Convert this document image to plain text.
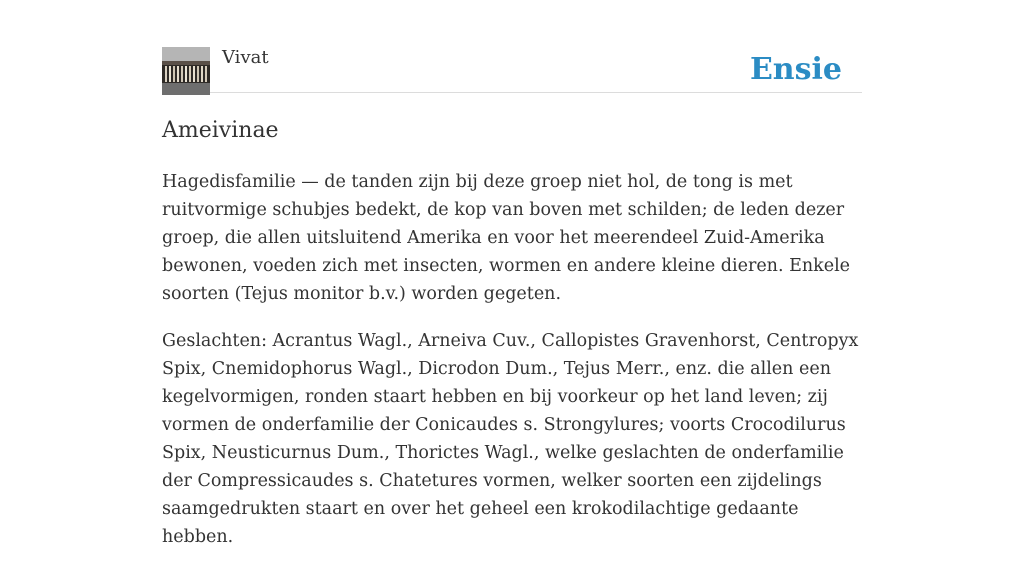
Vivat	Ensie
Ameivinae

Hagedisfamilie — de tanden zijn bij deze groep niet hol, de tong is met ruitvormige schubjes bedekt, de kop van boven met schilden; de leden dezer groep, die allen uitsluitend Amerika en voor het meerendeel Zuid-Amerika bewonen, voeden zich met insecten, wormen en andere kleine dieren. Enkele soorten (Tejus monitor b.v.) worden gegeten.

Geslachten: Acrantus Wagl., Arneiva Cuv., Callopistes Gravenhorst, Centropyx Spix, Cnemidophorus Wagl., Dicrodon Dum., Tejus Merr., enz. die allen een kegelvormigen, ronden staart hebben en bij voorkeur op het land leven; zij vormen de onderfamilie der Conicaudes s. Strongylures; voorts Crocodilurus Spix, Neusticurnus Dum., Thorictes Wagl., welke geslachten de onderfamilie der Compressicaudes s. Chatetures vormen, welker soorten een zijdelings saamgedrukten staart en over het geheel een krokodilachtige gedaante hebben.
